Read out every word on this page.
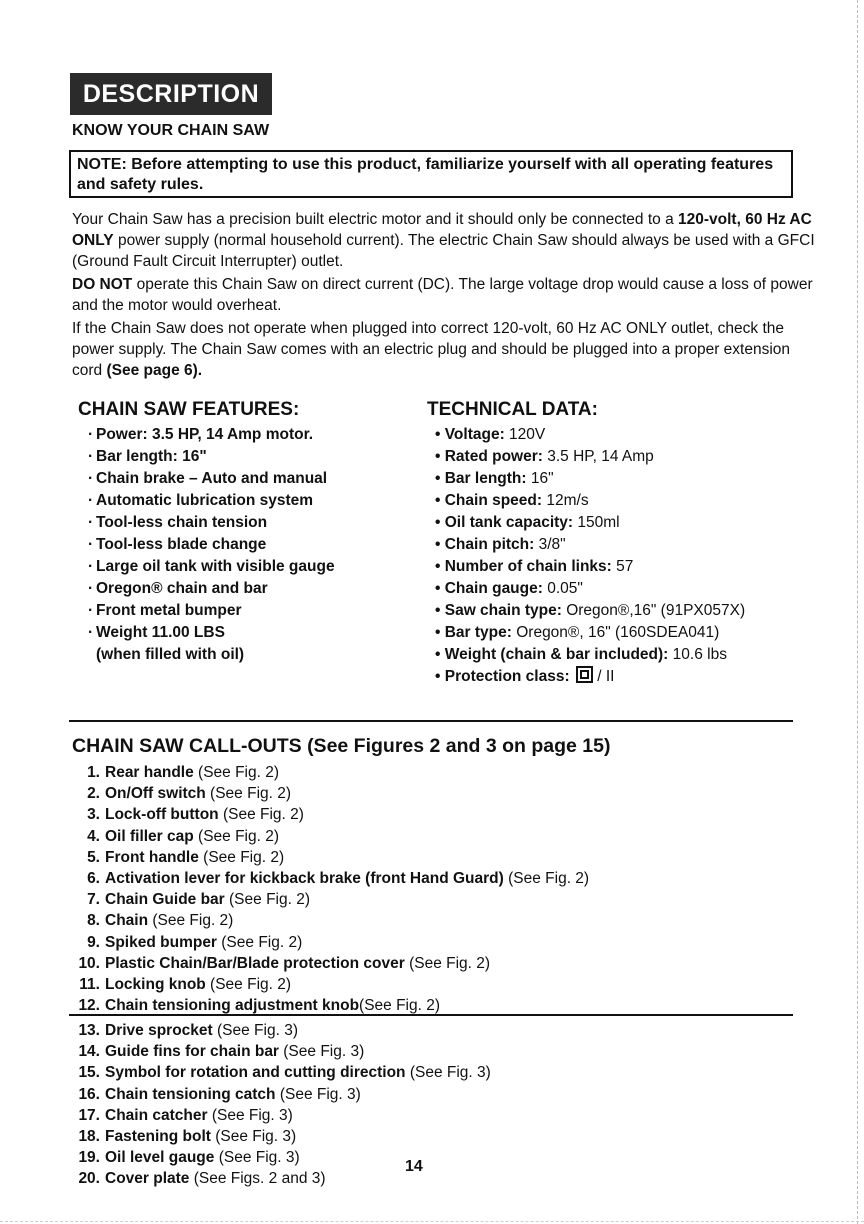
DESCRIPTION
KNOW YOUR CHAIN SAW
NOTE: Before attempting to use this product, familiarize yourself with all operating features and safety rules.

Your Chain Saw has a precision built electric motor and it should only be connected to a 120-volt, 60 Hz AC ONLY power supply (normal household current). The electric Chain Saw should always be used with a GFCI (Ground Fault Circuit Interrupter) outlet.

DO NOT operate this Chain Saw on direct current (DC). The large voltage drop would cause a loss of power and the motor would overheat.

If the Chain Saw does not operate when plugged into correct 120-volt, 60 Hz AC ONLY outlet, check the power supply. The Chain Saw comes with an electric plug and should be plugged into a proper extension cord (See page 6).

CHAIN SAW FEATURES:
· Power: 3.5 HP, 14 Amp motor.
· Bar length: 16"
· Chain brake – Auto and manual
· Automatic lubrication system
· Tool-less chain tension
· Tool-less blade change
· Large oil tank with visible gauge
· Oregon® chain and bar
· Front metal bumper
· Weight 11.00 LBS
(when filled with oil)
TECHNICAL DATA:
• Voltage: 120V
• Rated power: 3.5 HP, 14 Amp
• Bar length: 16"
• Chain speed: 12m/s
• Oil tank capacity: 150ml
• Chain pitch: 3/8"
• Number of chain links: 57
• Chain gauge: 0.05"
• Saw chain type: Oregon®,16" (91PX057X)
• Bar type: Oregon®, 16" (160SDEA041)
• Weight (chain & bar included): 10.6 lbs
• Protection class:  / II
CHAIN SAW CALL-OUTS (See Figures 2 and 3 on page 15)
1. Rear handle (See Fig. 2)
2. On/Off switch (See Fig. 2)
3. Lock-off button (See Fig. 2)
4. Oil filler cap (See Fig. 2)
5. Front handle (See Fig. 2)
6. Activation lever for kickback brake (front Hand Guard) (See Fig. 2)
7. Chain Guide bar (See Fig. 2)
8. Chain (See Fig. 2)
9. Spiked bumper (See Fig. 2)
10. Plastic Chain/Bar/Blade protection cover (See Fig. 2)
11. Locking knob (See Fig. 2)
12. Chain tensioning adjustment knob(See Fig. 2)
13. Drive sprocket (See Fig. 3)
14. Guide fins for chain bar (See Fig. 3)
15. Symbol for rotation and cutting direction (See Fig. 3)
16. Chain tensioning catch (See Fig. 3)
17. Chain catcher (See Fig. 3)
18. Fastening bolt (See Fig. 3)
19. Oil level gauge (See Fig. 3)
20. Cover plate (See Figs. 2 and 3)
14
